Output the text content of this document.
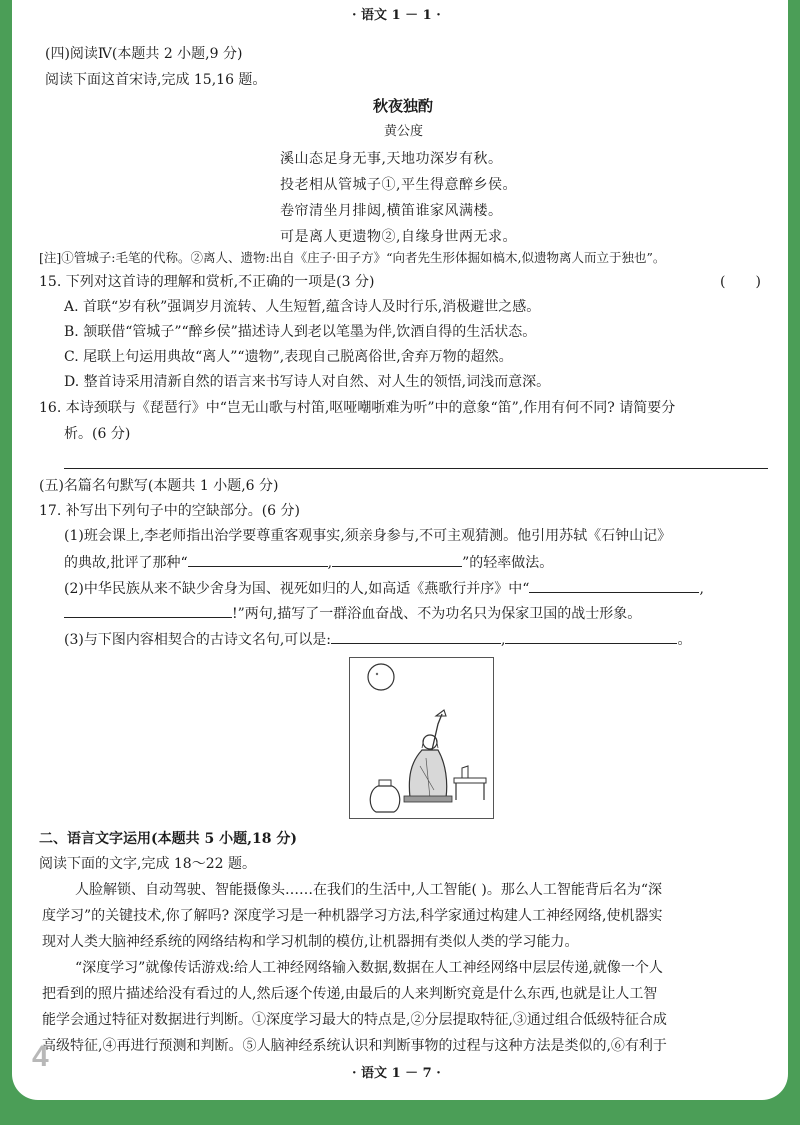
· 语文 1 － 1 ·
(四)阅读Ⅳ(本题共 2 小题,9 分)
阅读下面这首宋诗,完成 15,16 题。
秋夜独酌
黄公度
溪山态足身无事,天地功深岁有秋。
投老相从管城子①,平生得意醉乡侯。
卷帘清坐月排闼,横笛谁家风满楼。
可是离人更遗物②,自缘身世两无求。
[注]①管城子:毛笔的代称。②离人、遗物:出自《庄子·田子方》“向者先生形体掘如槁木,似遗物离人而立于独也”。
15. 下列对这首诗的理解和赏析,不正确的一项是(3 分)	( )
A. 首联“岁有秋”强调岁月流转、人生短暂,蕴含诗人及时行乐,消极避世之感。
B. 颔联借“管城子”“醉乡侯”描述诗人到老以笔墨为伴,饮酒自得的生活状态。
C. 尾联上句运用典故“离人”“遗物”,表现自己脱离俗世,舍弃万物的超然。
D. 整首诗采用清新自然的语言来书写诗人对自然、对人生的领悟,词浅而意深。
16. 本诗颈联与《琵琶行》中“岂无山歌与村笛,呕哑嘲哳难为听”中的意象“笛”,作用有何不同? 请简要分
析。(6 分)
(五)名篇名句默写(本题共 1 小题,6 分)
17. 补写出下列句子中的空缺部分。(6 分)
(1)班会课上,李老师指出治学要尊重客观事实,须亲身参与,不可主观猜测。他引用苏轼《石钟山记》
的典故,批评了那种“	,	”的轻率做法。
(2)中华民族从来不缺少舍身为国、视死如归的人,如高适《燕歌行并序》中“	,
!”两句,描写了一群浴血奋战、不为功名只为保家卫国的战士形象。
(3)与下图内容相契合的古诗文名句,可以是:	,	。
二、语言文字运用(本题共 5 小题,18 分)
阅读下面的文字,完成 18～22 题。
人脸解锁、自动驾驶、智能摄像头……在我们的生活中,人工智能( )。那么人工智能背后名为“深
度学习”的关键技术,你了解吗? 深度学习是一种机器学习方法,科学家通过构建人工神经网络,使机器实
现对人类大脑神经系统的网络结构和学习机制的模仿,让机器拥有类似人类的学习能力。
“深度学习”就像传话游戏:给人工神经网络输入数据,数据在人工神经网络中层层传递,就像一个人
把看到的照片描述给没有看过的人,然后逐个传递,由最后的人来判断究竟是什么东西,也就是让人工智
能学会通过特征对数据进行判断。①深度学习最大的特点是,②分层提取特征,③通过组合低级特征合成
高级特征,④再进行预测和判断。⑤人脑神经系统认识和判断事物的过程与这种方法是类似的,⑥有利于
4
· 语文 1 － 7 ·
